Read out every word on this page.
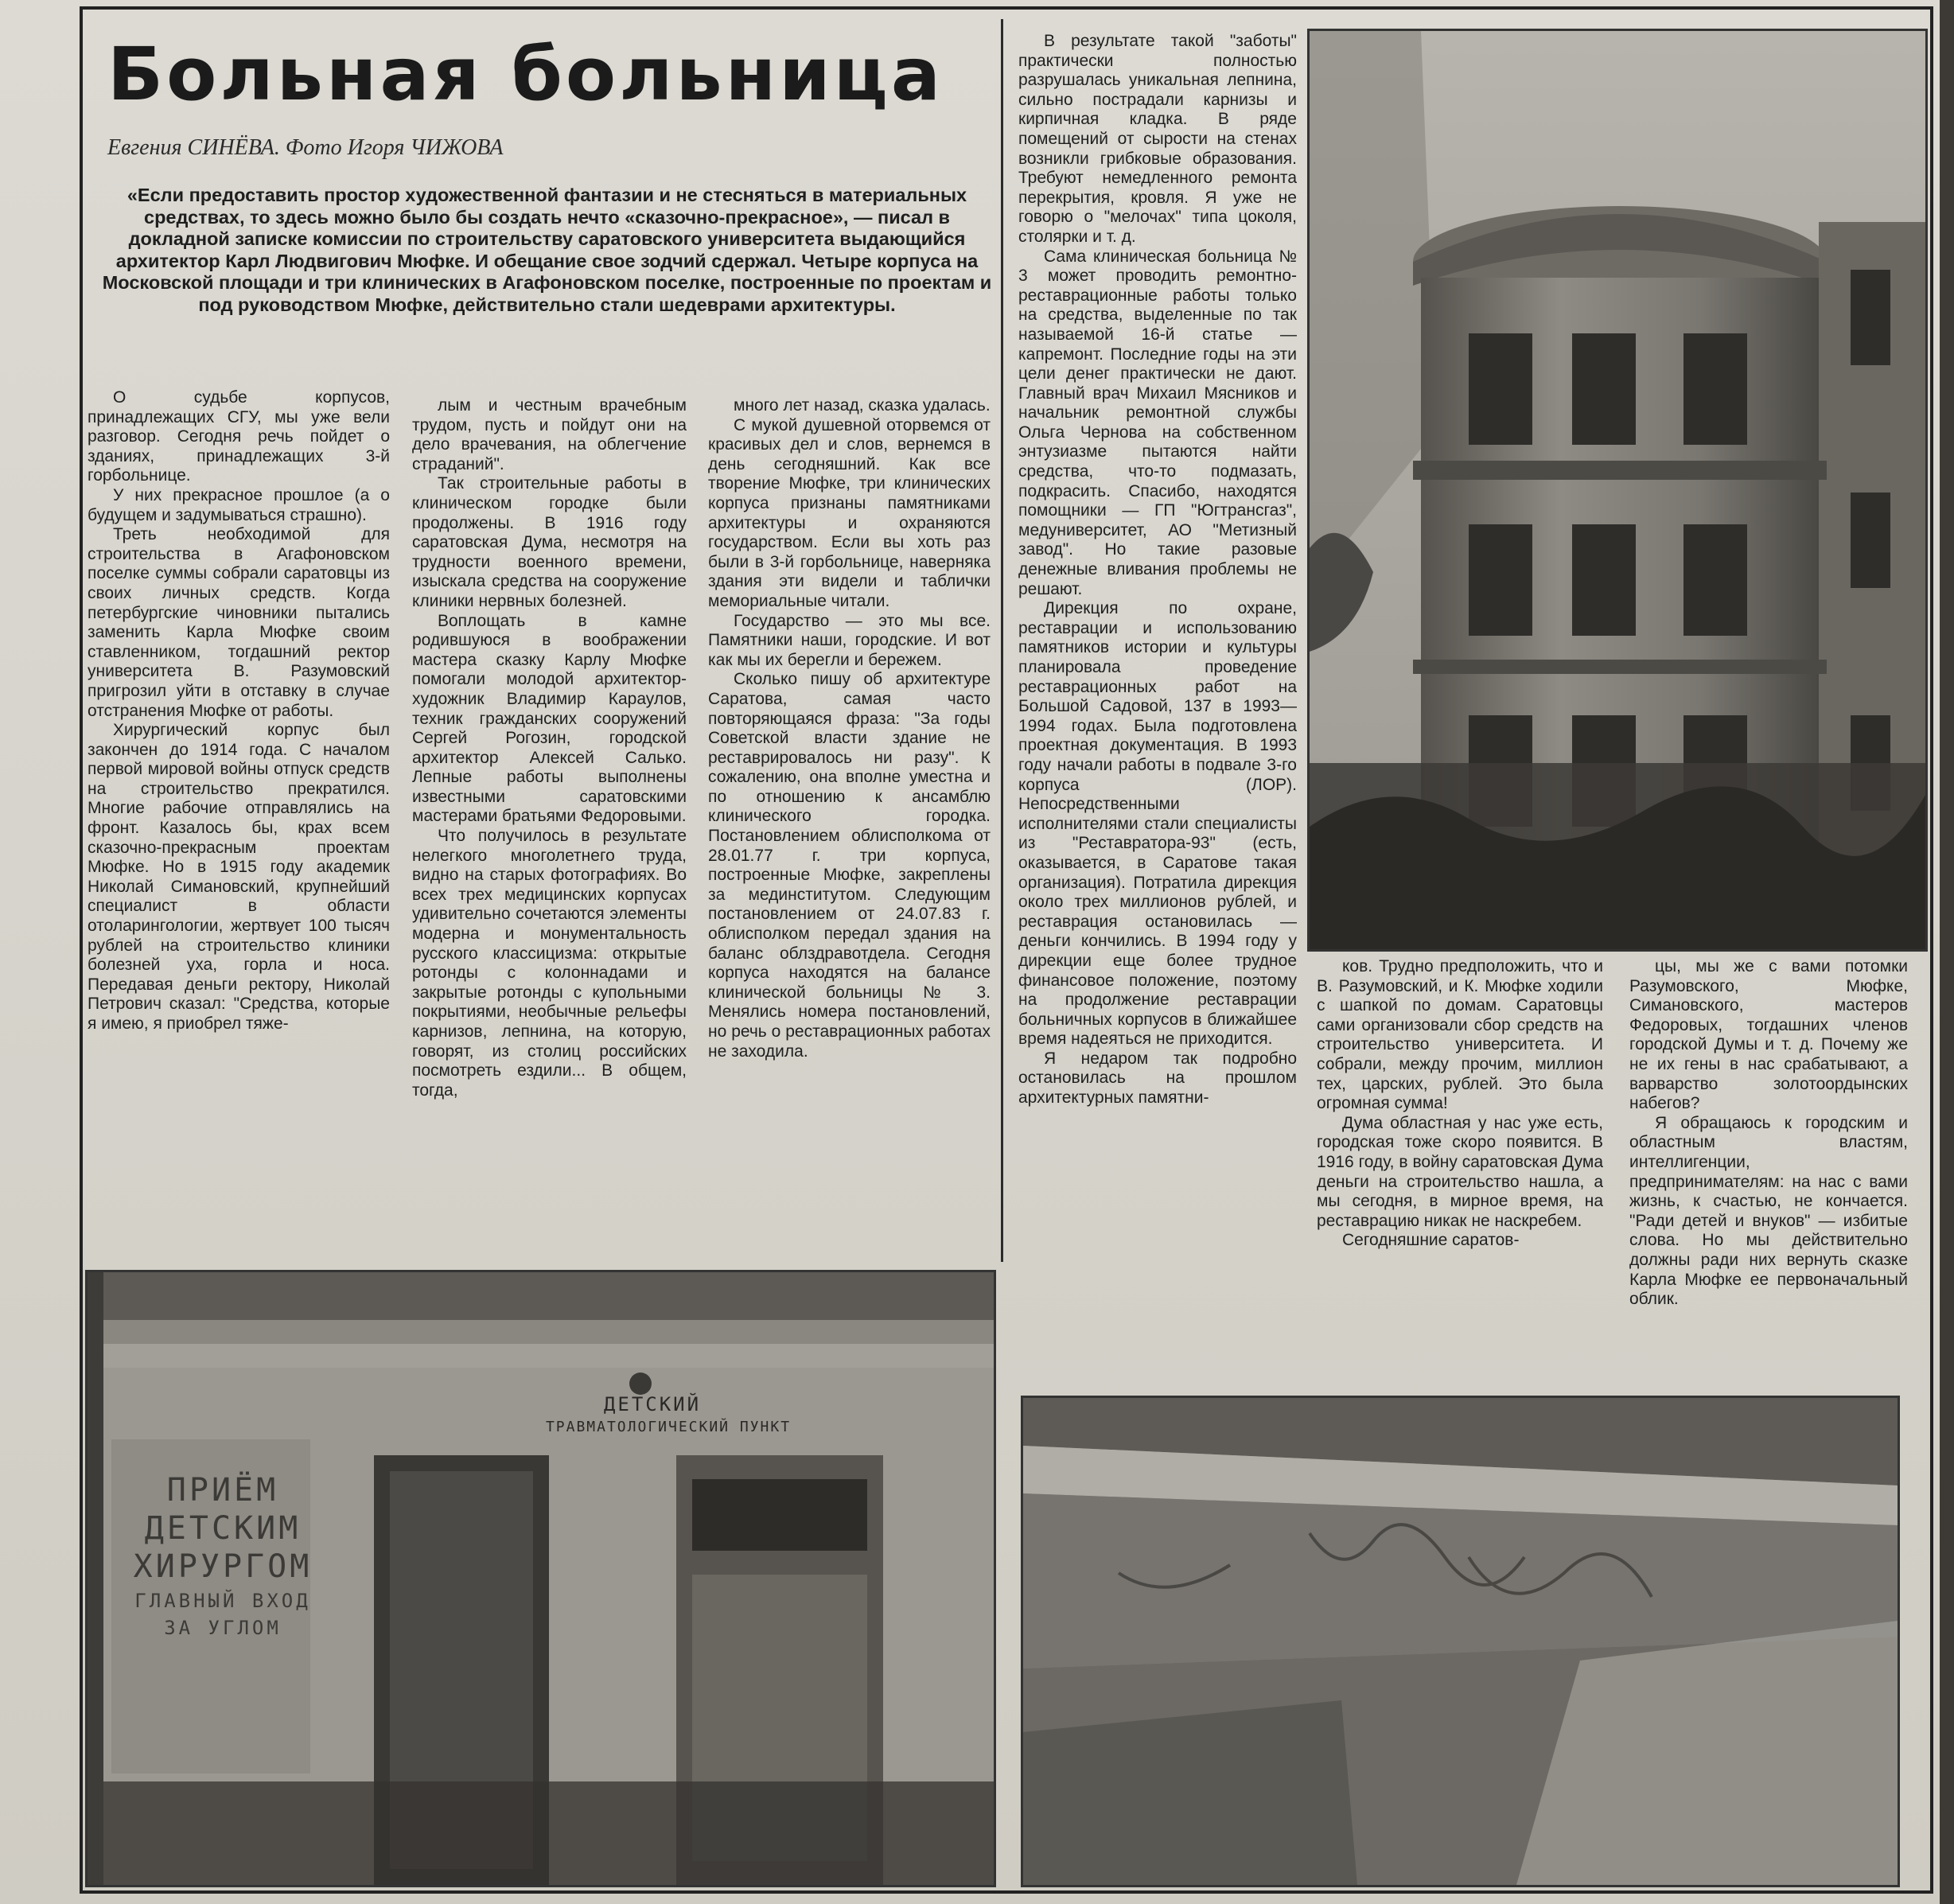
Больная больница
Евгения СИНЁВА. Фото Игоря ЧИЖОВА
«Если предоставить простор художественной фантазии и не стесняться в материальных средствах, то здесь можно было бы создать нечто «сказочно-прекрасное», — писал в докладной записке комиссии по строительству саратовского университета выдающийся архитектор Карл Людвигович Мюфке. И обещание свое зодчий сдержал. Четыре корпуса на Московской площади и три клинических в Агафоновском поселке, построенные по проектам и под руководством Мюфке, действительно стали шедеврами архитектуры.

О судьбе корпусов, принадлежащих СГУ, мы уже вели разговор. Сегодня речь пойдет о зданиях, принадлежащих 3-й горбольнице.

У них прекрасное прошлое (а о будущем и задумываться страшно).

Треть необходимой для строительства в Агафоновском поселке суммы собрали саратовцы из своих личных средств. Когда петербургские чиновники пытались заменить Карла Мюфке своим ставленником, тогдашний ректор университета В. Разумовский пригрозил уйти в отставку в случае отстранения Мюфке от работы.

Хирургический корпус был закончен до 1914 года. С началом первой мировой войны отпуск средств на строительство прекратился. Многие рабочие отправлялись на фронт. Казалось бы, крах всем сказочно-прекрасным проектам Мюфке. Но в 1915 году академик Николай Симановский, крупнейший специалист в области отоларингологии, жертвует 100 тысяч рублей на строительство клиники болезней уха, горла и носа. Передавая деньги ректору, Николай Петрович сказал: "Средства, которые я имею, я приобрел тяже-

лым и честным врачебным трудом, пусть и пойдут они на дело врачевания, на облегчение страданий".

Так строительные работы в клиническом городке были продолжены. В 1916 году саратовская Дума, несмотря на трудности военного времени, изыскала средства на сооружение клиники нервных болезней.

Воплощать в камне родившуюся в воображении мастера сказку Карлу Мюфке помогали молодой архитектор-художник Владимир Караулов, техник гражданских сооружений Сергей Рогозин, городской архитектор Алексей Салько. Лепные работы выполнены известными саратовскими мастерами братьями Федоровыми.

Что получилось в результате нелегкого многолетнего труда, видно на старых фотографиях. Во всех трех медицинских корпусах удивительно сочетаются элементы модерна и монументальность русского классицизма: открытые ротонды с колоннадами и закрытые ротонды с купольными покрытиями, необычные рельефы карнизов, лепнина, на которую, говорят, из столиц российских посмотреть ездили... В общем, тогда,

много лет назад, сказка удалась.

С мукой душевной оторвемся от красивых дел и слов, вернемся в день сегодняшний. Как все творение Мюфке, три клинических корпуса признаны памятниками архитектуры и охраняются государством. Если вы хоть раз были в 3-й горбольнице, наверняка здания эти видели и таблички мемориальные читали.

Государство — это мы все. Памятники наши, городские. И вот как мы их берегли и бережем.

Сколько пишу об архитектуре Саратова, самая часто повторяющаяся фраза: "За годы Советской власти здание не реставрировалось ни разу". К сожалению, она вполне уместна и по отношению к ансамблю клинического городка. Постановлением облисполкома от 28.01.77 г. три корпуса, построенные Мюфке, закреплены за мединститутом. Следующим постановлением от 24.07.83 г. облисполком передал здания на баланс облздравотдела. Сегодня корпуса находятся на балансе клинической больницы № 3. Менялись номера постановлений, но речь о реставрационных работах не заходила.

В результате такой "заботы" практически полностью разрушалась уникальная лепнина, сильно пострадали карнизы и кирпичная кладка. В ряде помещений от сырости на стенах возникли грибковые образования. Требуют немедленного ремонта перекрытия, кровля. Я уже не говорю о "мелочах" типа цоколя, столярки и т. д.

Сама клиническая больница № 3 может проводить ремонтно-реставрационные работы только на средства, выделенные по так называемой 16-й статье — капремонт. Последние годы на эти цели денег практически не дают. Главный врач Михаил Мясников и начальник ремонтной службы Ольга Чернова на собственном энтузиазме пытаются найти средства, что-то подмазать, подкрасить. Спасибо, находятся помощники — ГП "Югтрансгаз", медуниверситет, АО "Метизный завод". Но такие разовые денежные вливания проблемы не решают.

Дирекция по охране, реставрации и использованию памятников истории и культуры планировала проведение реставрационных работ на Большой Садовой, 137 в 1993—1994 годах. Была подготовлена проектная документация. В 1993 году начали работы в подвале 3-го корпуса (ЛОР). Непосредственными исполнителями стали специалисты из "Реставратора-93" (есть, оказывается, в Саратове такая организация). Потратила дирекция около трех миллионов рублей, и реставрация остановилась — деньги кончились. В 1994 году у дирекции еще более трудное финансовое положение, поэтому на продолжение реставрации больничных корпусов в ближайшее время надеяться не приходится.

Я недаром так подробно остановилась на прошлом архитектурных памятни-

ков. Трудно предположить, что и В. Разумовский, и К. Мюфке ходили с шапкой по домам. Саратовцы сами организовали сбор средств на строительство университета. И собрали, между прочим, миллион тех, царских, рублей. Это была огромная сумма!

Дума областная у нас уже есть, городская тоже скоро появится. В 1916 году, в войну саратовская Дума деньги на строительство нашла, а мы сегодня, в мирное время, на реставрацию никак не наскребем.

Сегодняшние саратов-

цы, мы же с вами потомки Разумовского, Мюфке, Симановского, мастеров Федоровых, тогдашних членов городской Думы и т. д. Почему же не их гены в нас срабатывают, а варварство золотоордынских набегов?

Я обращаюсь к городским и областным властям, интеллигенции, предпринимателям: на нас с вами жизнь, к счастью, не кончается. "Ради детей и внуков" — избитые слова. Но мы действительно должны ради них вернуть сказке Карла Мюфке ее первоначальный облик.

ДЕТСКИЙ
ТРАВМАТОЛОГИЧЕСКИЙ ПУНКТ
ПРИЁМ
ДЕТСКИМ
ХИРУРГОМ
ГЛАВНЫЙ ВХОД
ЗА УГЛОМ
